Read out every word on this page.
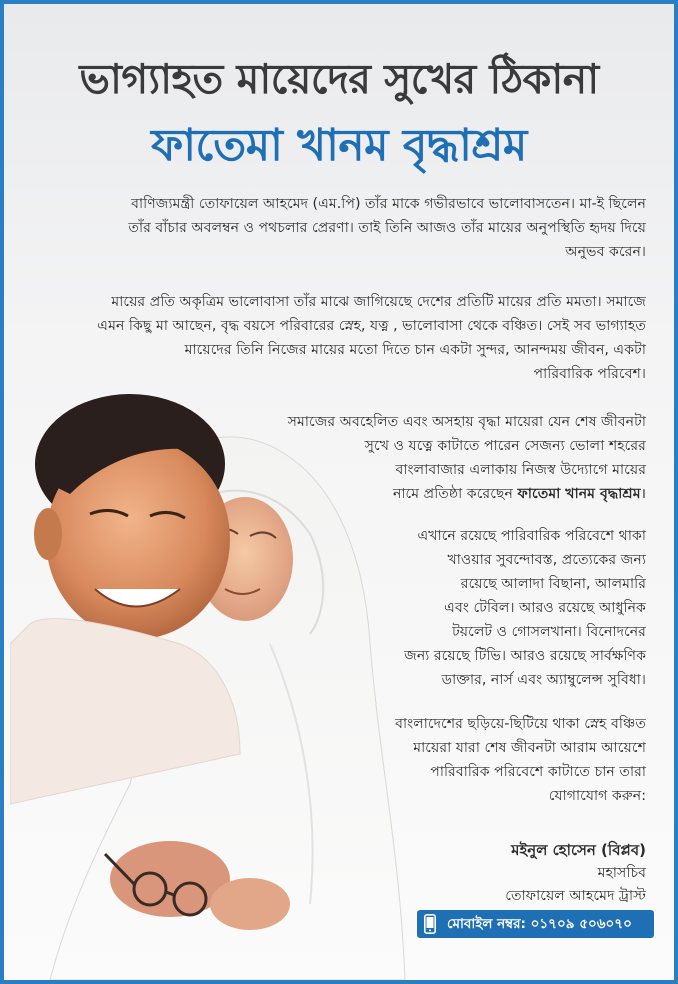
ভাগ্যাহত মায়েদের সুখের ঠিকানা
ফাতেমা খানম বৃদ্ধাশ্রম
বাণিজ্যমন্ত্রী তোফায়েল আহমেদ (এম.পি) তাঁর মাকে গভীরভাবে ভালোবাসতেন। মা-ই ছিলেন
তাঁর বাঁচার অবলম্বন ও পথচলার প্রেরণা। তাই তিনি আজও তাঁর মায়ের অনুপস্থিতি হৃদয় দিয়ে
অনুভব করেন।
মায়ের প্রতি অকৃত্রিম ভালোবাসা তাঁর মাঝে জাগিয়েছে দেশের প্রতিটি মায়ের প্রতি মমতা। সমাজে
এমন কিছু মা আছেন, বৃদ্ধ বয়সে পরিবারের স্নেহ, যত্ন , ভালোবাসা থেকে বঞ্চিত। সেই সব ভাগ্যাহত
মায়েদের তিনি নিজের মায়ের মতো দিতে চান একটা সুন্দর, আনন্দময় জীবন, একটা
পারিবারিক পরিবেশ।
সমাজের অবহেলিত এবং অসহায় বৃদ্ধা মায়েরা যেন শেষ জীবনটা
সুখে ও যত্নে কাটাতে পারেন সেজন্য ভোলা শহরের
বাংলাবাজার এলাকায় নিজস্ব উদ্যোগে মায়ের
নামে প্রতিষ্ঠা করেছেন ফাতেমা খানম বৃদ্ধাশ্রম।
এখানে রয়েছে পারিবারিক পরিবেশে থাকা
খাওয়ার সুবন্দোবস্ত, প্রত্যেকের জন্য
রয়েছে আলাদা বিছানা, আলমারি
এবং টেবিল। আরও রয়েছে আধুনিক
টয়লেট ও গোসলখানা। বিনোদনের
জন্য রয়েছে টিভি। আরও রয়েছে সার্বক্ষণিক
ডাক্তার, নার্স এবং অ্যাম্বুলেন্স সুবিধা।
বাংলাদেশের ছড়িয়ে-ছিটিয়ে থাকা স্নেহ বঞ্চিত
মায়েরা যারা শেষ জীবনটা আরাম আয়েশে
পারিবারিক পরিবেশে কাটাতে চান তারা
যোগাযোগ করুন:
মইনুল হোসেন (বিপ্লব)
মহাসচিব
তোফায়েল আহমেদ ট্রাস্ট
মোবাইল নম্বর: ০১৭০৯ ৫০৬০৭০
